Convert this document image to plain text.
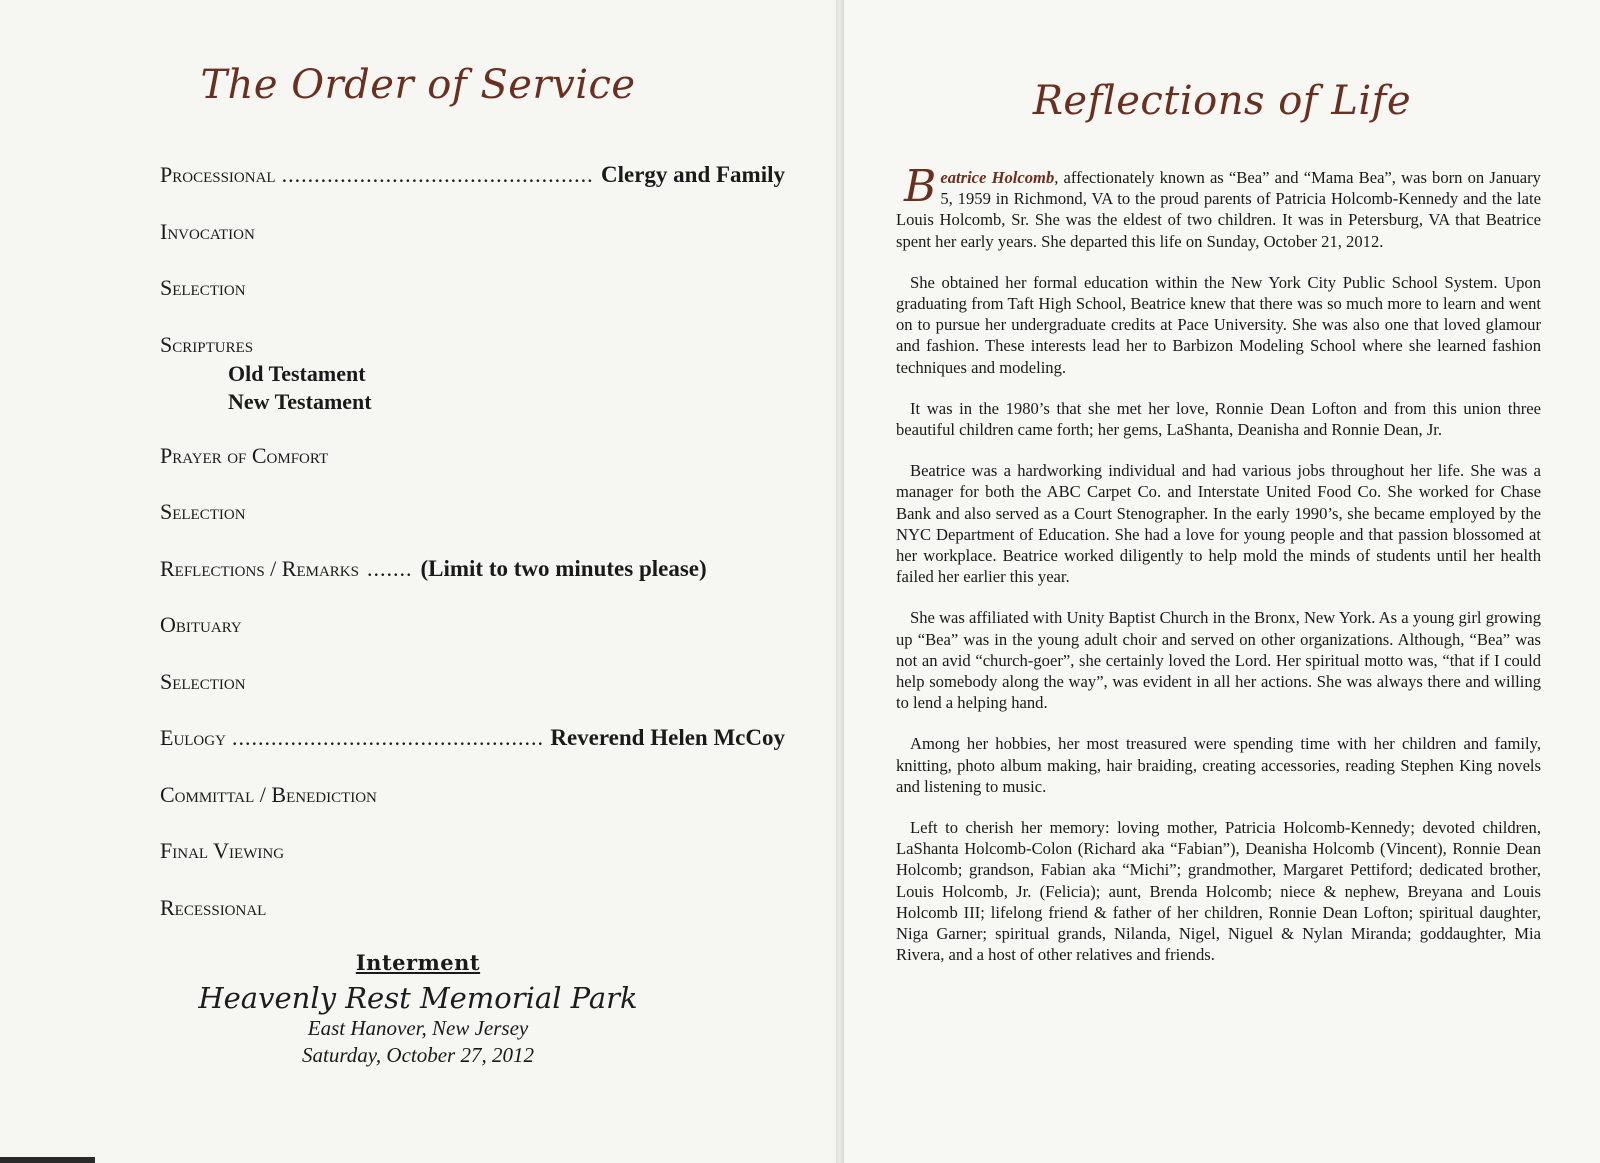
The Order of Service
Processional .....	Clergy and Family
Invocation
Selection
Scriptures
Old Testament
New Testament
Prayer of Comfort
Selection
Reflections / Remarks .......	(Limit to two minutes please)
Obituary
Selection
Eulogy .....	Reverend Helen McCoy
Committal / Benediction
Final Viewing
Recessional
Interment
Heavenly Rest Memorial Park
East Hanover, New Jersey
Saturday, October 27, 2012
Reflections of Life

Beatrice Holcomb, affectionately known as “Bea” and “Mama Bea”, was born on January 5, 1959 in Richmond, VA to the proud parents of Patricia Holcomb-Kennedy and the late Louis Holcomb, Sr. She was the eldest of two children. It was in Petersburg, VA that Beatrice spent her early years. She departed this life on Sunday, October 21, 2012.

She obtained her formal education within the New York City Public School System. Upon graduating from Taft High School, Beatrice knew that there was so much more to learn and went on to pursue her undergraduate credits at Pace University. She was also one that loved glamour and fashion. These interests lead her to Barbizon Modeling School where she learned fashion techniques and modeling.

It was in the 1980’s that she met her love, Ronnie Dean Lofton and from this union three beautiful children came forth; her gems, LaShanta, Deanisha and Ronnie Dean, Jr.

Beatrice was a hardworking individual and had various jobs throughout her life. She was a manager for both the ABC Carpet Co. and Interstate United Food Co. She worked for Chase Bank and also served as a Court Stenographer. In the early 1990’s, she became employed by the NYC Department of Education. She had a love for young people and that passion blossomed at her workplace. Beatrice worked diligently to help mold the minds of students until her health failed her earlier this year.

She was affiliated with Unity Baptist Church in the Bronx, New York. As a young girl growing up “Bea” was in the young adult choir and served on other organizations. Although, “Bea” was not an avid “church-goer”, she certainly loved the Lord. Her spiritual motto was, “that if I could help somebody along the way”, was evident in all her actions. She was always there and willing to lend a helping hand.

Among her hobbies, her most treasured were spending time with her children and family, knitting, photo album making, hair braiding, creating accessories, reading Stephen King novels and listening to music.

Left to cherish her memory: loving mother, Patricia Holcomb-Kennedy; devoted children, LaShanta Holcomb-Colon (Richard aka “Fabian”), Deanisha Holcomb (Vincent), Ronnie Dean Holcomb; grandson, Fabian aka “Michi”; grandmother, Margaret Pettiford; dedicated brother, Louis Holcomb, Jr. (Felicia); aunt, Brenda Holcomb; niece & nephew, Breyana and Louis Holcomb III; lifelong friend & father of her children, Ronnie Dean Lofton; spiritual daughter, Niga Garner; spiritual grands, Nilanda, Nigel, Niguel & Nylan Miranda; goddaughter, Mia Rivera, and a host of other relatives and friends.
